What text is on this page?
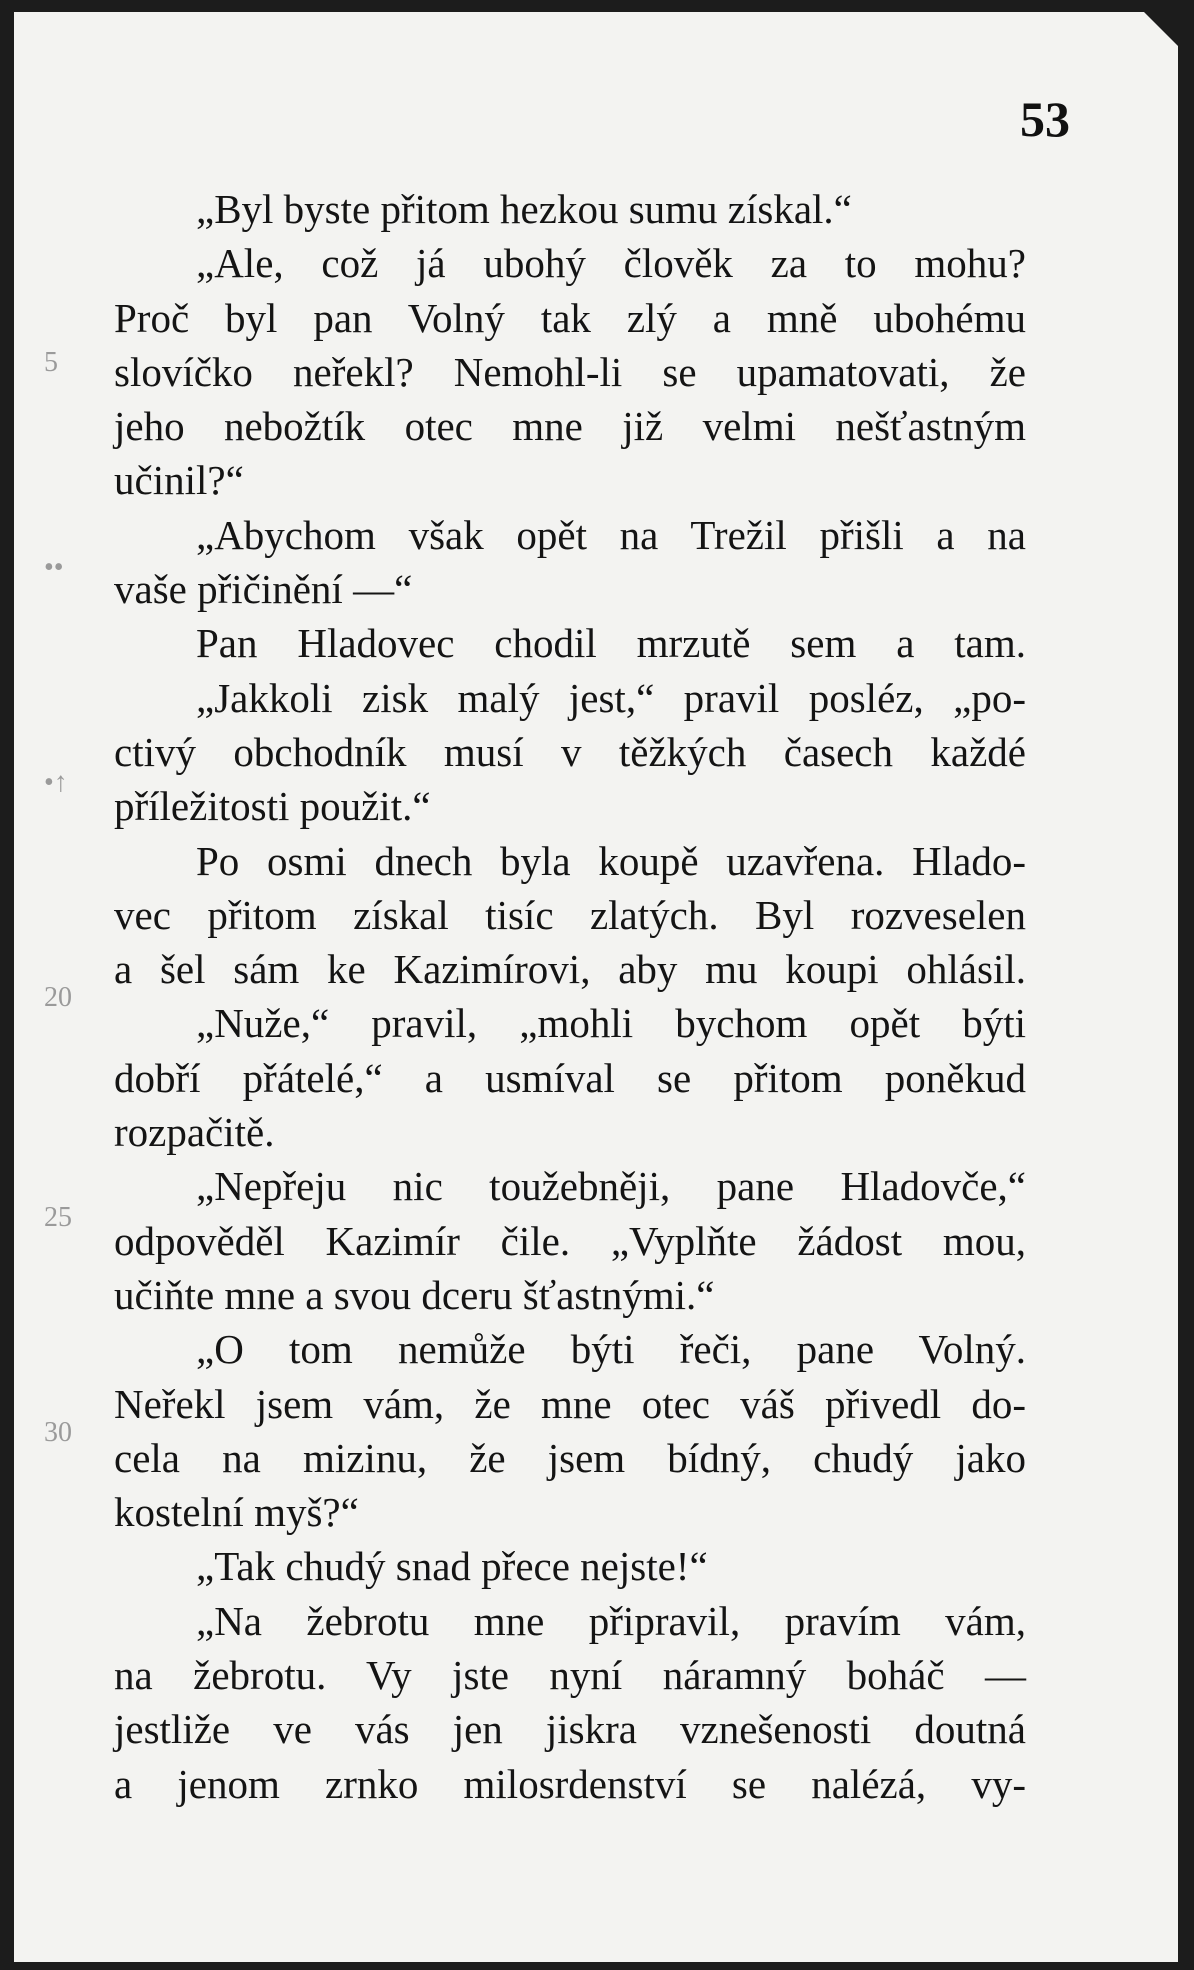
53
5
••
•↑
20
25
30
„Byl byste přitom hezkou sumu získal.“
„Ale, což já ubohý člověk za to mohu?
Proč byl pan Volný tak zlý a mně ubohému
slovíčko neřekl? Nemohl-li se upamatovati, že
jeho nebožtík otec mne již velmi nešťastným
učinil?“
„Abychom však opět na Trežil přišli a na
vaše přičinění —“
Pan Hladovec chodil mrzutě sem a tam.
„Jakkoli zisk malý jest,“ pravil posléz, „po-
ctivý obchodník musí v těžkých časech každé
příležitosti použit.“
Po osmi dnech byla koupě uzavřena. Hlado-
vec přitom získal tisíc zlatých. Byl rozveselen
a šel sám ke Kazimírovi, aby mu koupi ohlásil.
„Nuže,“ pravil, „mohli bychom opět býti
dobří přátelé,“ a usmíval se přitom poněkud
rozpačitě.
„Nepřeju nic toužebněji, pane Hladovče,“
odpověděl Kazimír čile. „Vyplňte žádost mou,
učiňte mne a svou dceru šťastnými.“
„O tom nemůže býti řeči, pane Volný.
Neřekl jsem vám, že mne otec váš přivedl do-
cela na mizinu, že jsem bídný, chudý jako
kostelní myš?“
„Tak chudý snad přece nejste!“
„Na žebrotu mne připravil, pravím vám,
na žebrotu. Vy jste nyní náramný boháč —
jestliže ve vás jen jiskra vznešenosti doutná
a jenom zrnko milosrdenství se nalézá, vy-
